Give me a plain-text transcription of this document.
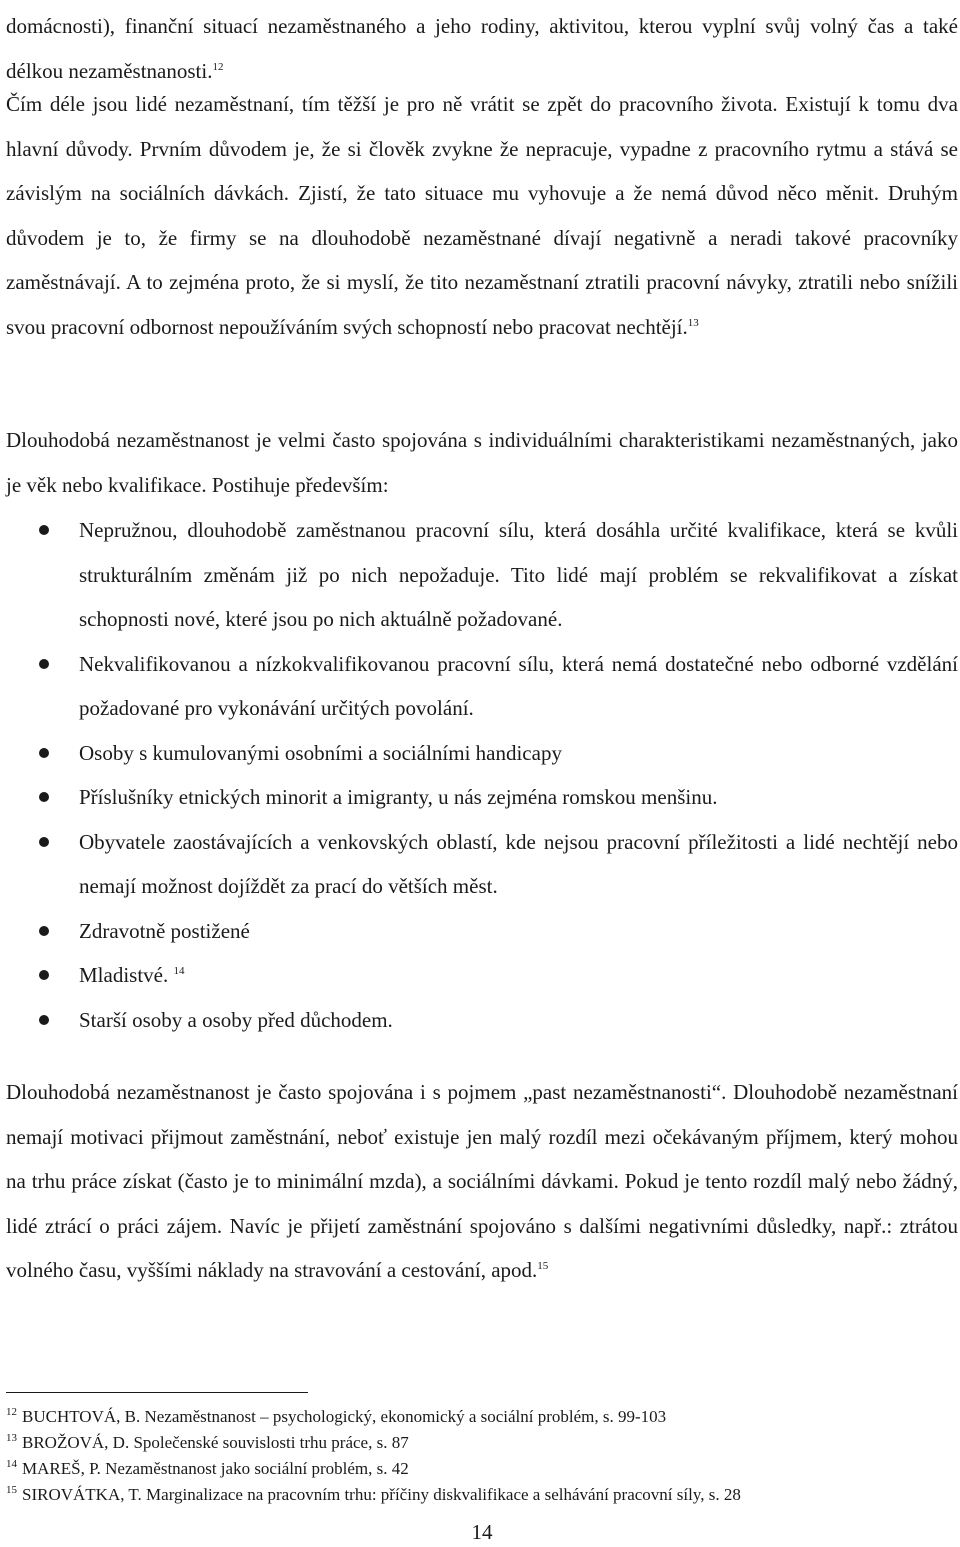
domácnosti), finanční situací nezaměstnaného a jeho rodiny, aktivitou, kterou vyplní svůj volný čas a také délkou nezaměstnanosti.$^{12}$

Čím déle jsou lidé nezaměstnaní, tím těžší je pro ně vrátit se zpět do pracovního života. Existují k tomu dva hlavní důvody. Prvním důvodem je, že si člověk zvykne že nepracuje, vypadne z pracovního rytmu a stává se závislým na sociálních dávkách. Zjistí, že tato situace mu vyhovuje a že nemá důvod něco měnit. Druhým důvodem je to, že firmy se na dlouhodobě nezaměstnané dívají negativně a neradi takové pracovníky zaměstnávají. A to zejména proto, že si myslí, že tito nezaměstnaní ztratili pracovní návyky, ztratili nebo snížili svou pracovní odbornost nepoužíváním svých schopností nebo pracovat nechtějí.$^{13}$

Dlouhodobá nezaměstnanost je velmi často spojována s individuálními charakteristikami nezaměstnaných, jako je věk nebo kvalifikace. Postihuje především:

Nepružnou, dlouhodobě zaměstnanou pracovní sílu, která dosáhla určité kvalifikace, která se kvůli strukturálním změnám již po nich nepožaduje. Tito lidé mají problém se rekvalifikovat a získat schopnosti nové, které jsou po nich aktuálně požadované.
Nekvalifikovanou a nízkokvalifikovanou pracovní sílu, která nemá dostatečné nebo odborné vzdělání požadované pro vykonávání určitých povolání.
Osoby s kumulovanými osobními a sociálními handicapy
Příslušníky etnických minorit a imigranty, u nás zejména romskou menšinu.
Obyvatele zaostávajících a venkovských oblastí, kde nejsou pracovní příležitosti a lidé nechtějí nebo nemají možnost dojíždět za prací do větších měst.
Zdravotně postižené
Mladistvé. $^{14}$
Starší osoby a osoby před důchodem.

Dlouhodobá nezaměstnanost je často spojována i s pojmem „past nezaměstnanosti“. Dlouhodobě nezaměstnaní nemají motivaci přijmout zaměstnání, neboť existuje jen malý rozdíl mezi očekávaným příjmem, který mohou na trhu práce získat (často je to minimální mzda), a sociálními dávkami. Pokud je tento rozdíl malý nebo žádný, lidé ztrácí o práci zájem. Navíc je přijetí zaměstnání spojováno s dalšími negativními důsledky, např.: ztrátou volného času, vyššími náklady na stravování a cestování, apod.$^{15}$

$^{12}$ BUCHTOVÁ, B. Nezaměstnanost – psychologický, ekonomický a sociální problém, s. 99-103

$^{13}$ BROŽOVÁ, D. Společenské souvislosti trhu práce, s. 87

$^{14}$ MAREŠ, P. Nezaměstnanost jako sociální problém, s. 42

$^{15}$ SIROVÁTKA, T. Marginalizace na pracovním trhu: příčiny diskvalifikace a selhávání pracovní síly, s. 28

14
